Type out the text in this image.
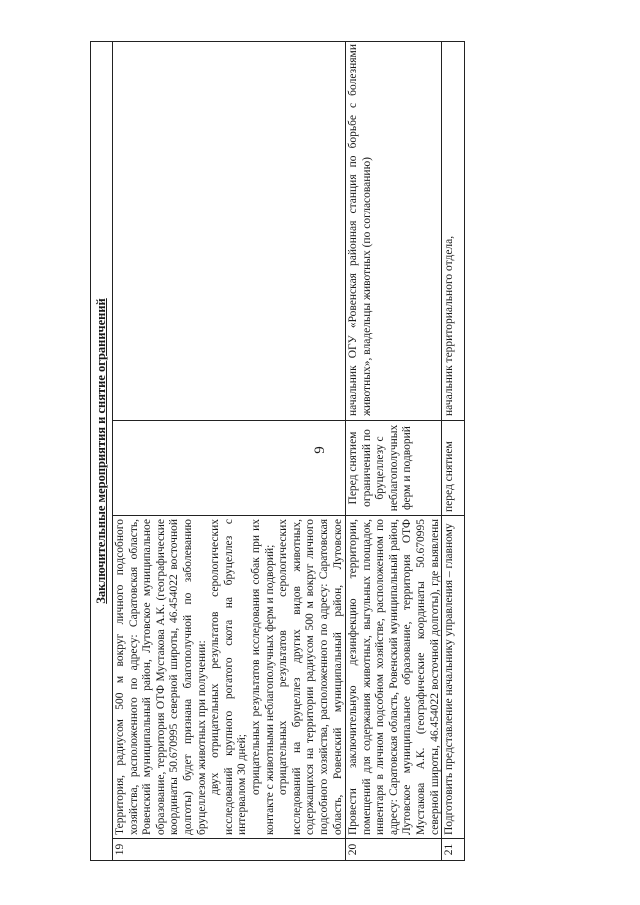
9
Заключительные мероприятия и снятие ограничений
19

Территория, радиусом 500 м вокруг личного подсобного хозяйства, расположенного по адресу: Саратовская область, Ровенский муниципальный район, Лутовское муниципальное образование, территория ОТФ Мустакова А.К. (географические координаты 50.670995 северной широты, 46.454022 восточной долготы) будет признана благополучной по заболеванию бруцеллезом животных при получении: двух отрицательных результатов серологических исследований крупного рогатого скота на бруцеллез с интервалом 30 дней; отрицательных результатов исследования собак при их контакте с животными неблагополучных ферм и подворий; отрицательных результатов серологических исследований на бруцеллез других видов животных, содержащихся на территории радиусом 500 м вокруг личного подсобного хозяйства, расположенного по адресу: Саратовская область, Ровенский муниципальный район, Лутовское

20

Провести заключительную дезинфекцию территории, помещений для содержания животных, выгульных площадок, инвентаря в личном подсобном хозяйстве, расположенном по адресу: Саратовская область, Ровенский муниципальный район, Лутовское муниципальное образование, территория ОТФ Мустакова А.К. (географические координаты 50.670995 северной широты, 46.454022 восточной долготы), где выявлены

Перед снятием ограничений по бруцеллезу с неблагополучных ферм и подворий
начальник ОГУ «Ровенская районная станция по борьбе с болезнями животных», владельцы животных (по согласованию)
21

Подготовить представление начальнику управления – главному

перед снятием
начальник территориального отдела,
